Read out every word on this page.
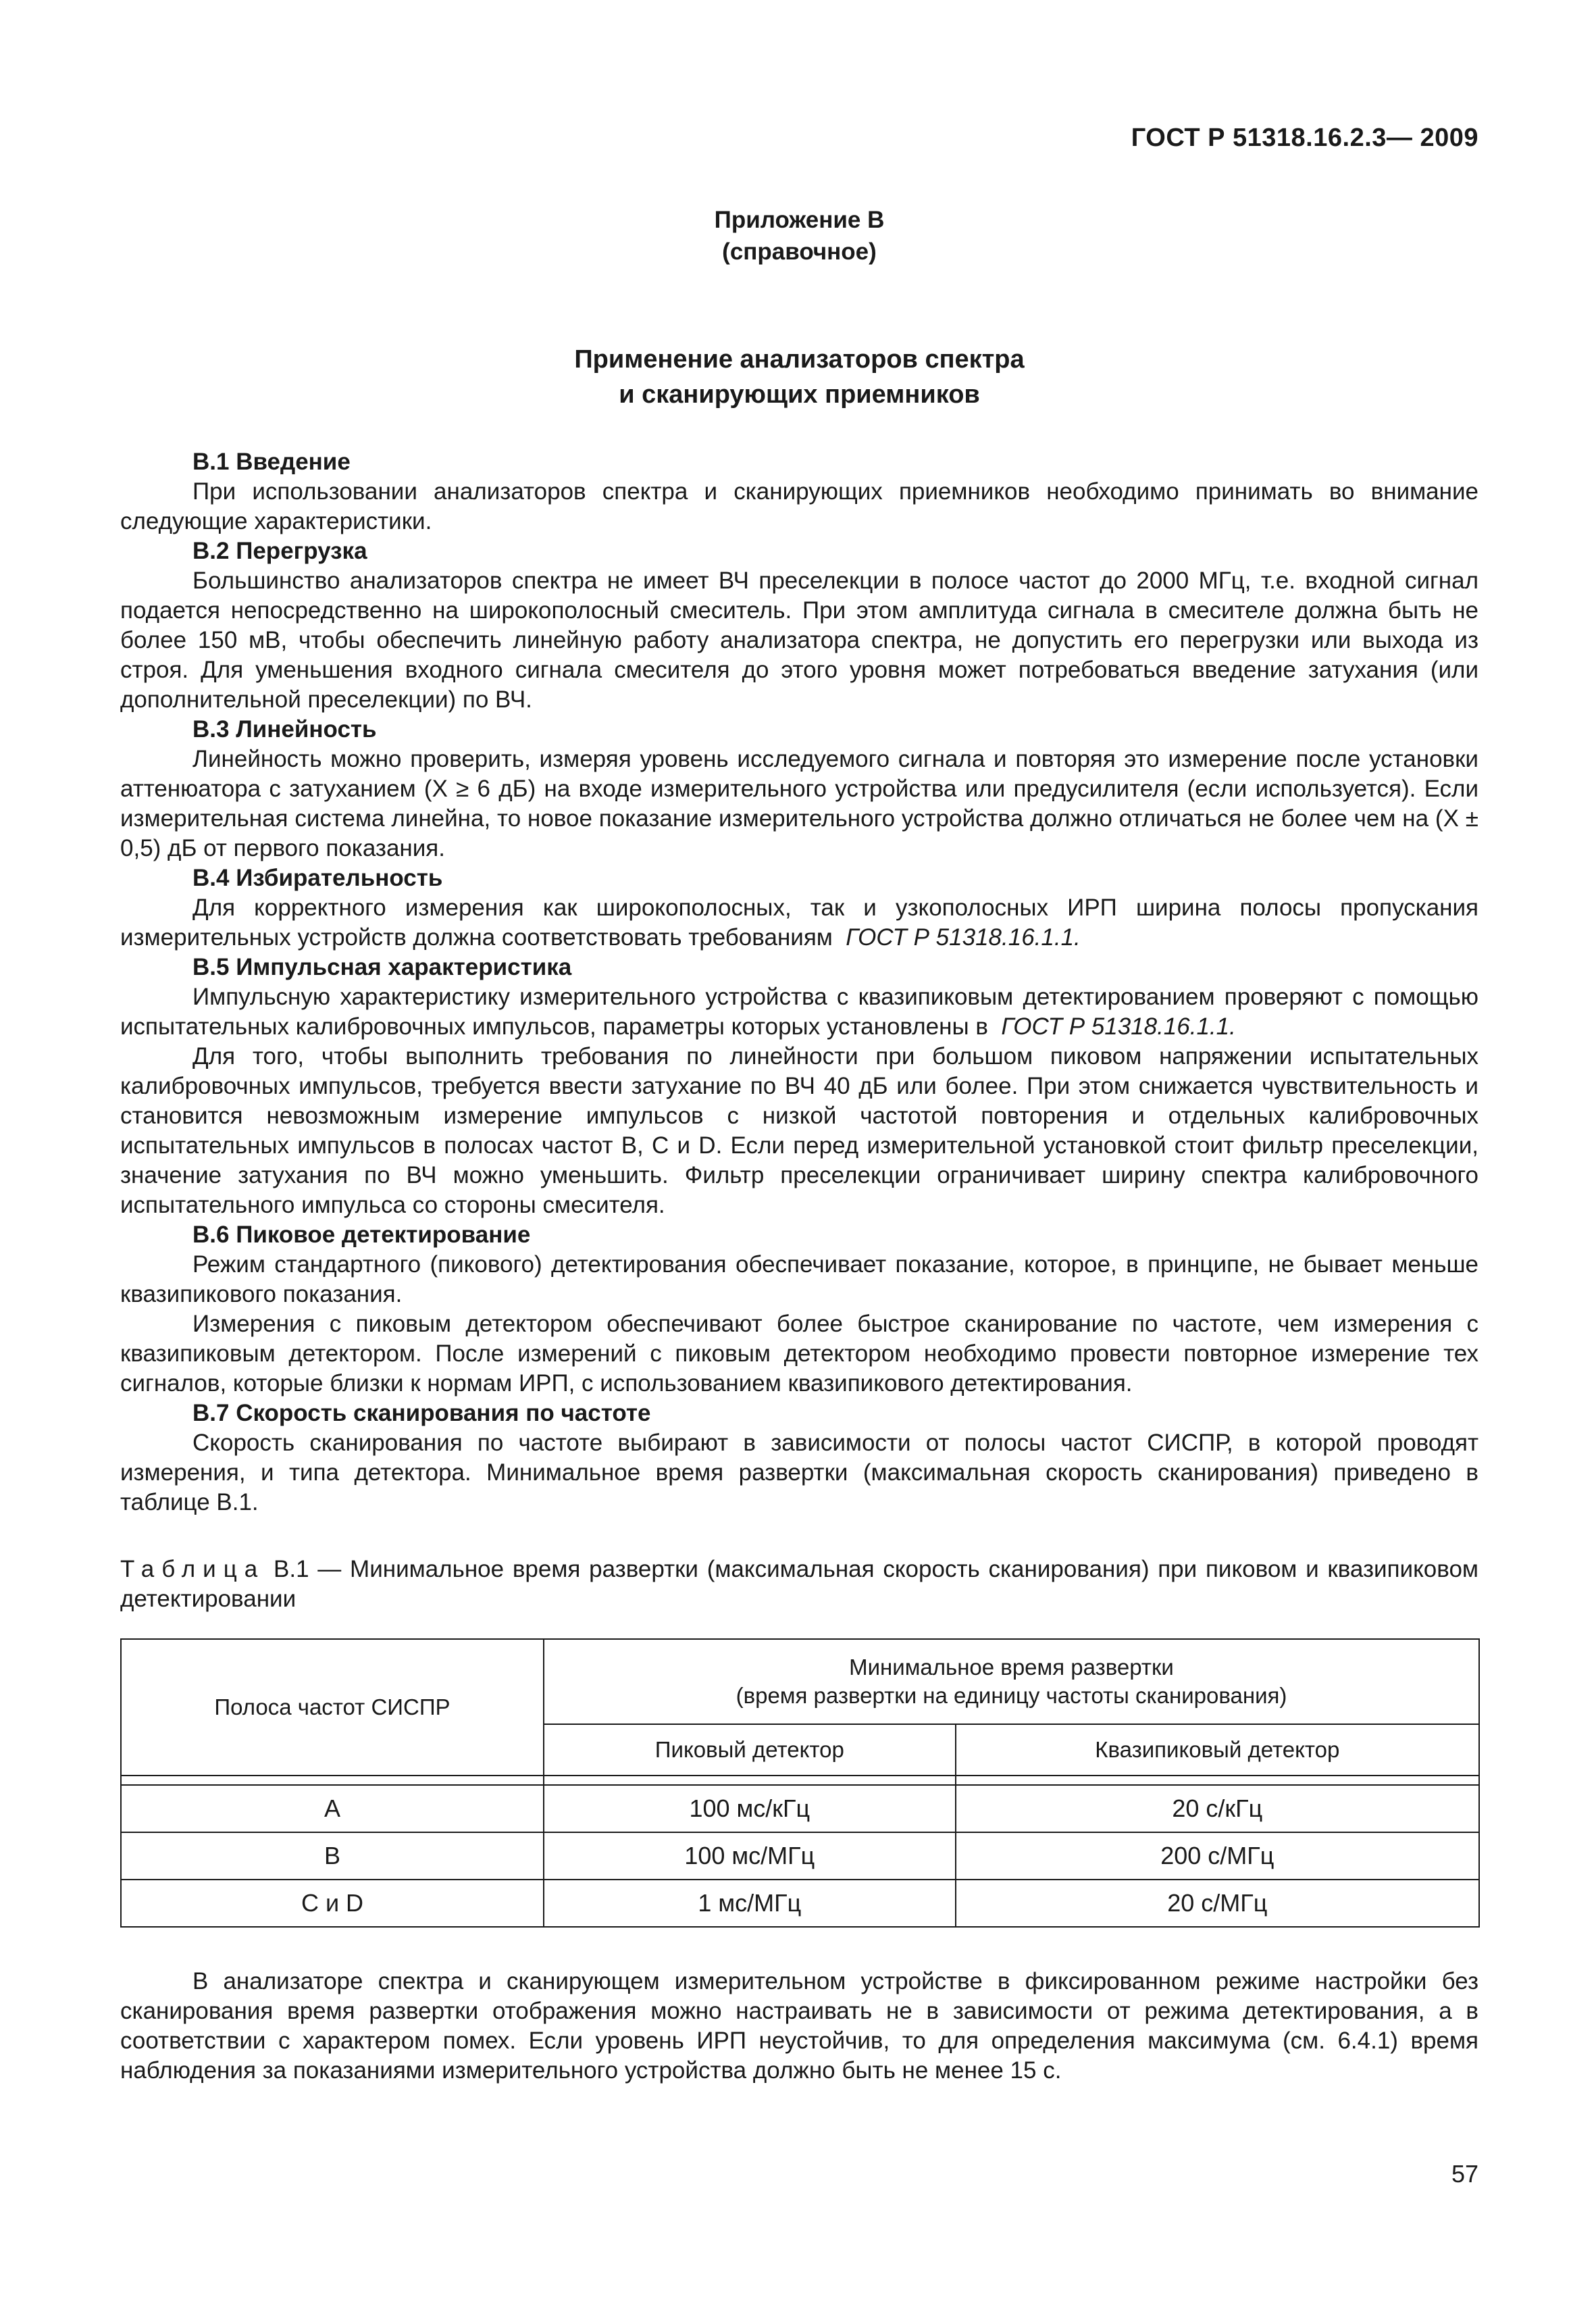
ГОСТ Р 51318.16.2.3— 2009
Приложение В
(справочное)
Применение анализаторов спектра
и сканирующих приемников
В.1 Введение
При использовании анализаторов спектра и сканирующих приемников необходимо принимать во внимание следующие характеристики.
В.2 Перегрузка
Большинство анализаторов спектра не имеет ВЧ преселекции в полосе частот до 2000 МГц, т.е. входной сигнал подается непосредственно на широкополосный смеситель. При этом амплитуда сигнала в смесителе должна быть не более 150 мВ, чтобы обеспечить линейную работу анализатора спектра, не допустить его перегрузки или выхода из строя. Для уменьшения входного сигнала смесителя до этого уровня может потребоваться введение затухания (или дополнительной преселекции) по ВЧ.
В.3 Линейность
Линейность можно проверить, измеряя уровень исследуемого сигнала и повторяя это измерение после установки аттенюатора с затуханием (X ≥ 6 дБ) на входе измерительного устройства или предусилителя (если используется). Если измерительная система линейна, то новое показание измерительного устройства должно отличаться не более чем на (X ± 0,5) дБ от первого показания.
В.4 Избирательность
Для корректного измерения как широкополосных, так и узкополосных ИРП ширина полосы пропускания измерительных устройств должна соответствовать требованиям ГОСТ Р 51318.16.1.1.
В.5 Импульсная характеристика
Импульсную характеристику измерительного устройства с квазипиковым детектированием проверяют с помощью испытательных калибровочных импульсов, параметры которых установлены в ГОСТ Р 51318.16.1.1.
Для того, чтобы выполнить требования по линейности при большом пиковом напряжении испытательных калибровочных импульсов, требуется ввести затухание по ВЧ 40 дБ или более. При этом снижается чувствительность и становится невозможным измерение импульсов с низкой частотой повторения и отдельных калибровочных испытательных импульсов в полосах частот B, C и D. Если перед измерительной установкой стоит фильтр преселекции, значение затухания по ВЧ можно уменьшить. Фильтр преселекции ограничивает ширину спектра калибровочного испытательного импульса со стороны смесителя.
В.6 Пиковое детектирование
Режим стандартного (пикового) детектирования обеспечивает показание, которое, в принципе, не бывает меньше квазипикового показания.
Измерения с пиковым детектором обеспечивают более быстрое сканирование по частоте, чем измерения с квазипиковым детектором. После измерений с пиковым детектором необходимо провести повторное измерение тех сигналов, которые близки к нормам ИРП, с использованием квазипикового детектирования.
В.7 Скорость сканирования по частоте
Скорость сканирования по частоте выбирают в зависимости от полосы частот СИСПР, в которой проводят измерения, и типа детектора. Минимальное время развертки (максимальная скорость сканирования) приведено в таблице В.1.
Таблица В.1 — Минимальное время развертки (максимальная скорость сканирования) при пиковом и квазипиковом детектировании
Полоса частот СИСПР	Минимальное время развертки
(время развертки на единицу частоты сканирования)	

	Пиковый детектор	Квазипиковый детектор

A	100 мс/кГц	20 с/кГц
B	100 мс/МГц	200 с/МГц
C и D	1 мс/МГц	20 с/МГц
В анализаторе спектра и сканирующем измерительном устройстве в фиксированном режиме настройки без сканирования время развертки отображения можно настраивать не в зависимости от режима детектирования, а в соответствии с характером помех. Если уровень ИРП неустойчив, то для определения максимума (см. 6.4.1) время наблюдения за показаниями измерительного устройства должно быть не менее 15 с.
57
